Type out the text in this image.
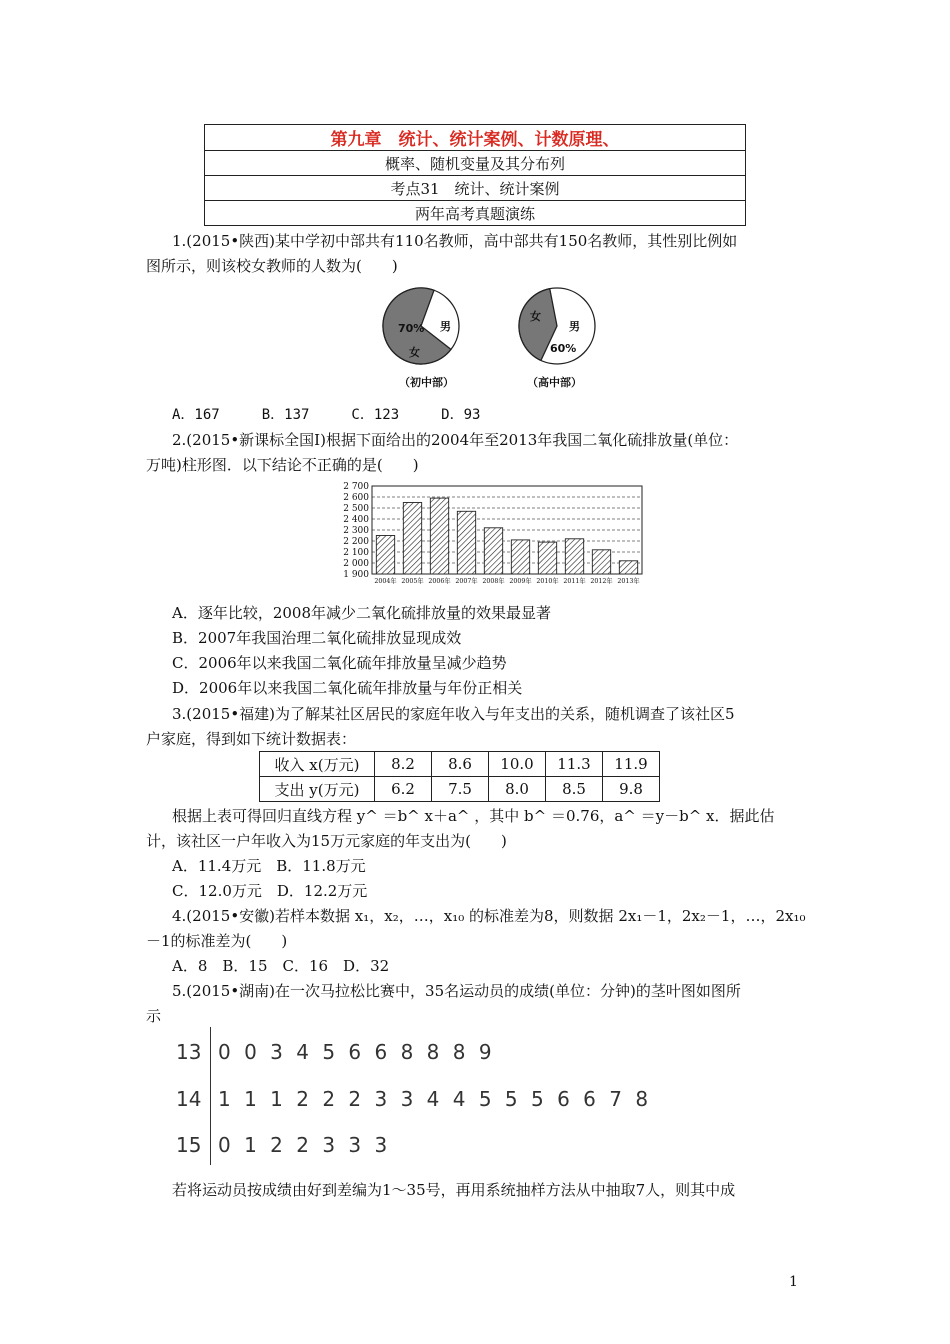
第九章　统计、统计案例、计数原理、
概率、随机变量及其分布列
考点31　统计、统计案例
两年高考真题演练
1.(2015•陕西)某中学初中部共有110名教师，高中部共有150名教师，其性别比例如
图所示，则该校女教师的人数为(　　)
70%
女
男
（初中部）
女
男
60%
（高中部）
A．167　　　B．137　　　C．123　　　D．93
2.(2015•新课标全国Ⅰ)根据下面给出的2004年至2013年我国二氧化硫排放量(单位：
万吨)柱形图．以下结论不正确的是(　　)
1 900
2 000
2 100
2 200
2 300
2 400
2 500
2 600
2 700
2004年 2005年 2006年 2007年 2008年 2009年 2010年 2011年 2012年 2013年
A．逐年比较，2008年减少二氧化硫排放量的效果最显著
B．2007年我国治理二氧化硫排放显现成效
C．2006年以来我国二氧化硫年排放量呈减少趋势
D．2006年以来我国二氧化硫年排放量与年份正相关
3.(2015•福建)为了解某社区居民的家庭年收入与年支出的关系，随机调查了该社区5
户家庭，得到如下统计数据表：
收入 x(万元)	8.2	8.6	10.0	11.3	11.9
支出 y(万元)	6.2	7.5	8.0	8.5	9.8
根据上表可得回归直线方程 y^ ＝b^ x＋a^ ，其中 b^ ＝0.76，a^ ＝y－b^ x．据此估
计，该社区一户年收入为15万元家庭的年支出为(　　)
A．11.4万元　B．11.8万元
C．12.0万元　D．12.2万元
4.(2015•安徽)若样本数据 x₁，x₂，…，x₁₀ 的标准差为8，则数据 2x₁－1，2x₂－1，…，2x₁₀
－1的标准差为(　　)
A．8　B．15　C．16　D．32
5.(2015•湖南)在一次马拉松比赛中，35名运动员的成绩(单位：分钟)的茎叶图如图所
示
13 0 0 3 4 5 6 6 8 8 8 9
14 1 1 1 2 2 2 3 3 4 4 5 5 5 6 6 7 8
15 0 1 2 2 3 3 3
若将运动员按成绩由好到差编为1～35号，再用系统抽样方法从中抽取7人，则其中成
1
